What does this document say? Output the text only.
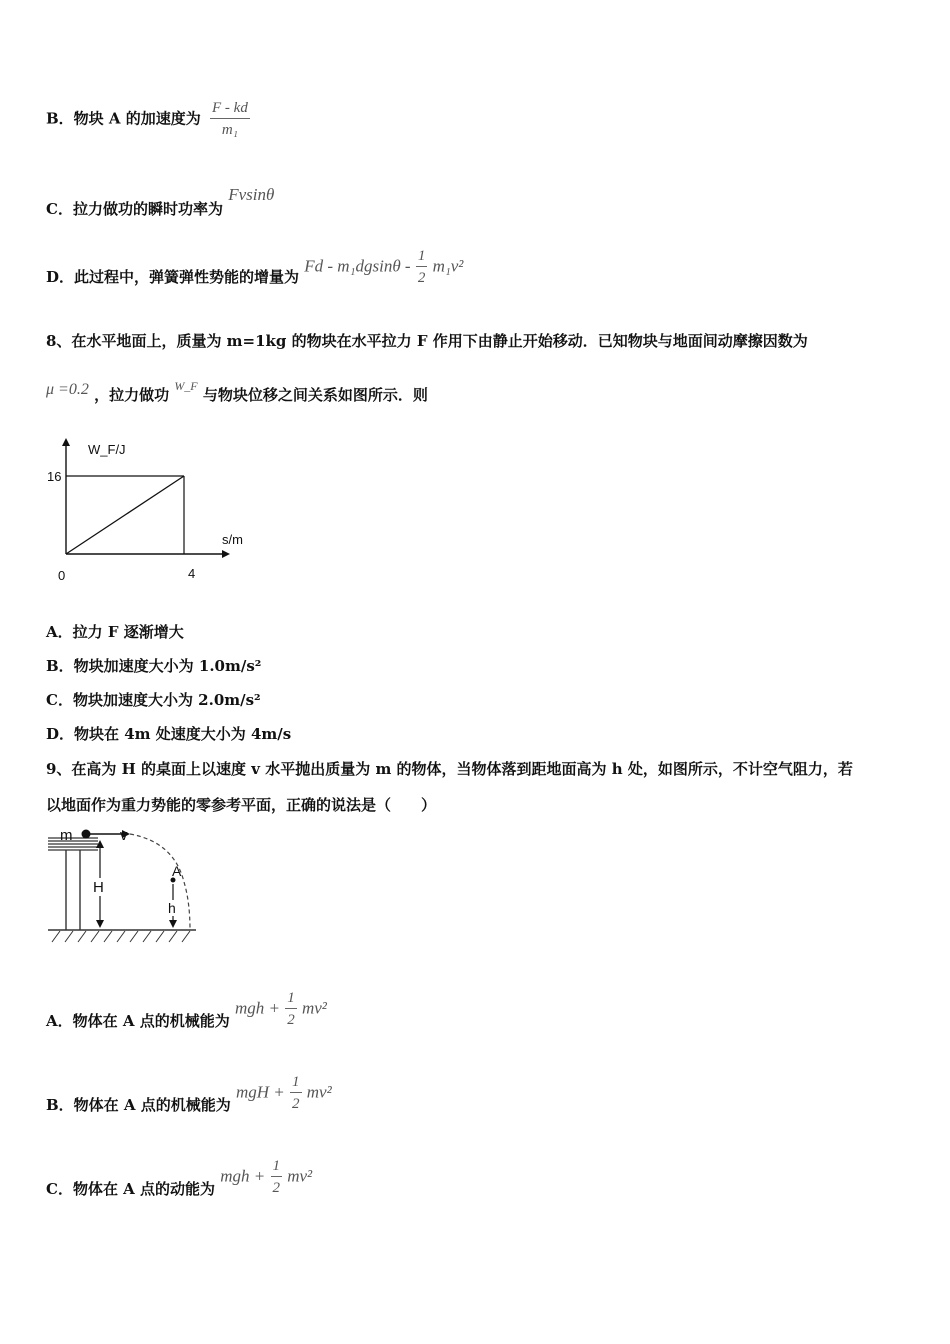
B．物块 A 的加速度为 $\frac{F - kd}{\text{m₁}}$
C．拉力做功的瞬时功率为 Fvsinθ
D．此过程中，弹簧弹性势能的增量为 Fd - $m_1dgsin\theta - \frac{1}{2} m_1v^2$
8、在水平地面上，质量为 m=1kg 的物块在水平拉力 F 作用下由静止开始移动．已知物块与地面间动摩擦因数为
μ =0.2 ，拉力做功 $^{W\_F}$ 与物块位移之间关系如图所示．则
W_F/J
s/m
16
4
0
A．拉力 F 逐渐增大
B．物块加速度大小为 1.0m/s²
C．物块加速度大小为 2.0m/s²
D．物块在 4m 处速度大小为 4m/s
9、在高为 H 的桌面上以速度 v 水平抛出质量为 m 的物体，当物体落到距地面高为 h 处，如图所示，不计空气阻力，若
以地面作为重力势能的零参考平面，正确的说法是（　　）
m	v
A
H
h
A．物体在 A 点的机械能为 mgh + $\frac{1}{2} mv^2$
B．物体在 A 点的机械能为 mgH + $\frac{1}{2} mv^2$
C．物体在 A 点的动能为 mgh + $\frac{1}{2} mv^2$
